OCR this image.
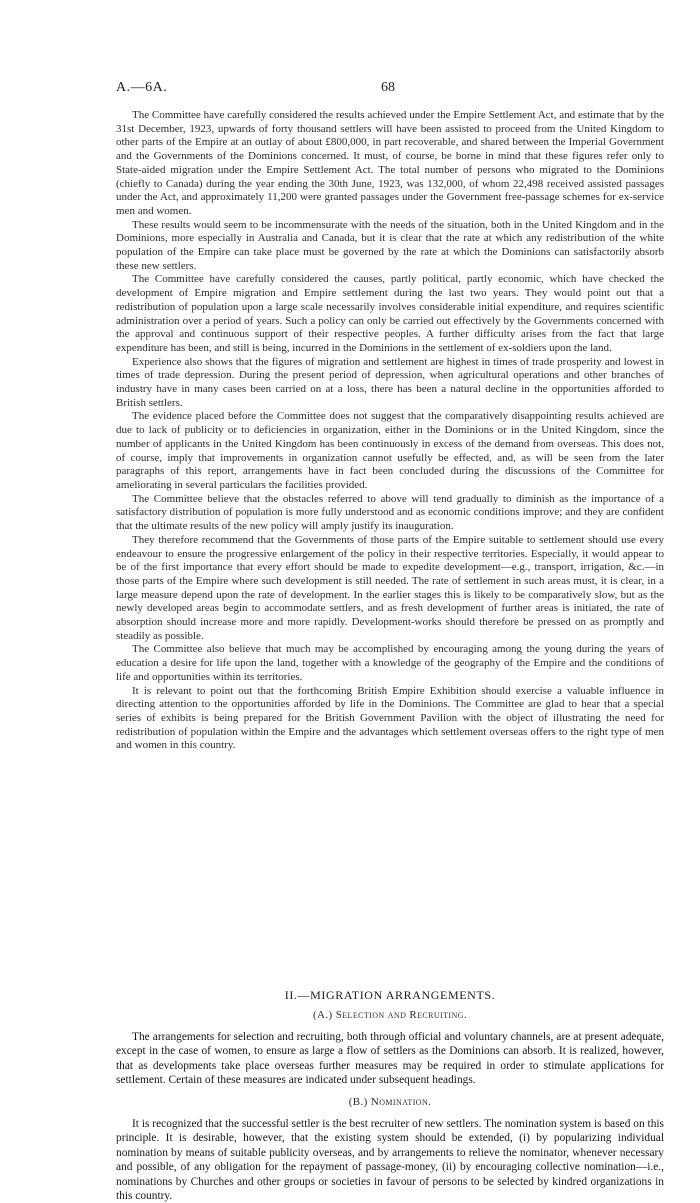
A.—6A.	68

The Committee have carefully considered the results achieved under the Empire Settlement Act, and estimate that by the 31st December, 1923, upwards of forty thousand settlers will have been assisted to proceed from the United Kingdom to other parts of the Empire at an outlay of about £800,000, in part recoverable, and shared between the Imperial Government and the Governments of the Dominions concerned. It must, of course, be borne in mind that these figures refer only to State-aided migration under the Empire Settlement Act. The total number of persons who migrated to the Dominions (chiefly to Canada) during the year ending the 30th June, 1923, was 132,000, of whom 22,498 received assisted passages under the Act, and approximately 11,200 were granted passages under the Government free-passage schemes for ex-service men and women.

These results would seem to be incommensurate with the needs of the situation, both in the United Kingdom and in the Dominions, more especially in Australia and Canada, but it is clear that the rate at which any redistribution of the white population of the Empire can take place must be governed by the rate at which the Dominions can satisfactorily absorb these new settlers.

The Committee have carefully considered the causes, partly political, partly economic, which have checked the development of Empire migration and Empire settlement during the last two years. They would point out that a redistribution of population upon a large scale necessarily involves considerable initial expenditure, and requires scientific administration over a period of years. Such a policy can only be carried out effectively by the Governments concerned with the approval and continuous support of their respective peoples. A further difficulty arises from the fact that large expenditure has been, and still is being, incurred in the Dominions in the settlement of ex-soldiers upon the land.

Experience also shows that the figures of migration and settlement are highest in times of trade prosperity and lowest in times of trade depression. During the present period of depression, when agricultural operations and other branches of industry have in many cases been carried on at a loss, there has been a natural decline in the opportunities afforded to British settlers.

The evidence placed before the Committee does not suggest that the comparatively disappointing results achieved are due to lack of publicity or to deficiencies in organization, either in the Dominions or in the United Kingdom, since the number of applicants in the United Kingdom has been continuously in excess of the demand from overseas. This does not, of course, imply that improvements in organization cannot usefully be effected, and, as will be seen from the later paragraphs of this report, arrangements have in fact been concluded during the discussions of the Committee for ameliorating in several particulars the facilities provided.

The Committee believe that the obstacles referred to above will tend gradually to diminish as the importance of a satisfactory distribution of population is more fully understood and as economic conditions improve; and they are confident that the ultimate results of the new policy will amply justify its inauguration.

They therefore recommend that the Governments of those parts of the Empire suitable to settlement should use every endeavour to ensure the progressive enlargement of the policy in their respective territories. Especially, it would appear to be of the first importance that every effort should be made to expedite development—e.g., transport, irrigation, &c.—in those parts of the Empire where such development is still needed. The rate of settlement in such areas must, it is clear, in a large measure depend upon the rate of development. In the earlier stages this is likely to be comparatively slow, but as the newly developed areas begin to accommodate settlers, and as fresh development of further areas is initiated, the rate of absorption should increase more and more rapidly. Development-works should therefore be pressed on as promptly and steadily as possible.

The Committee also believe that much may be accomplished by encouraging among the young during the years of education a desire for life upon the land, together with a knowledge of the geography of the Empire and the conditions of life and opportunities within its territories.

It is relevant to point out that the forthcoming British Empire Exhibition should exercise a valuable influence in directing attention to the opportunities afforded by life in the Dominions. The Committee are glad to hear that a special series of exhibits is being prepared for the British Government Pavilion with the object of illustrating the need for redistribution of population within the Empire and the advantages which settlement overseas offers to the right type of men and women in this country.

II.—MIGRATION ARRANGEMENTS.
(A.) Selection and Recruiting.

The arrangements for selection and recruiting, both through official and voluntary channels, are at present adequate, except in the case of women, to ensure as large a flow of settlers as the Dominions can absorb. It is realized, however, that as developments take place overseas further measures may be required in order to stimulate applications for settlement. Certain of these measures are indicated under subsequent headings.

(B.) Nomination.

It is recognized that the successful settler is the best recruiter of new settlers. The nomination system is based on this principle. It is desirable, however, that the existing system should be extended, (i) by popularizing individual nomination by means of suitable publicity overseas, and by arrangements to relieve the nominator, whenever necessary and possible, of any obligation for the repayment of passage-money, (ii) by encouraging collective nomination—i.e., nominations by Churches and other groups or societies in favour of persons to be selected by kindred organizations in this country.
